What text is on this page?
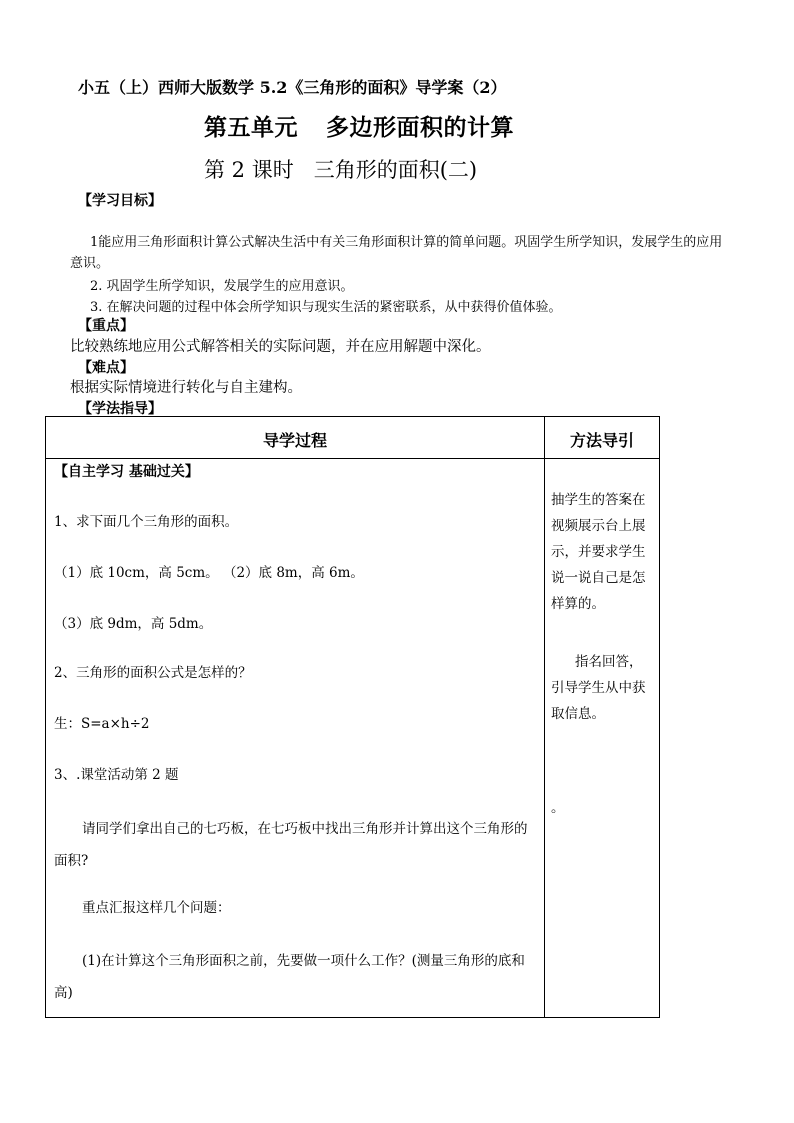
小五（上）西师大版数学 5.2《三角形的面积》导学案（2）
第五单元 多边形面积的计算
第 2 课时 三角形的面积(二)
【学习目标】
1能应用三角形面积计算公式解决生活中有关三角形面积计算的简单问题。巩固学生所学知识，发展学生的应用意识。
2. 巩固学生所学知识，发展学生的应用意识。
3. 在解决问题的过程中体会所学知识与现实生活的紧密联系，从中获得价值体验。
【重点】
比较熟练地应用公式解答相关的实际问题，并在应用解题中深化。
【难点】
根据实际情境进行转化与自主建构。
【学法指导】
导学过程	方法导引
【自主学习 基础过关】
1、求下面几个三角形的面积。
（1）底 10cm，高 5cm。 （2）底 8m，高 6m。
（3）底 9dm，高 5dm。
2、三角形的面积公式是怎样的？
生：S=a×h÷2
3、.课堂活动第 2 题
请同学们拿出自己的七巧板，在七巧板中找出三角形并计算出这个三角形的面积?
重点汇报这样几个问题：
(1)在计算这个三角形面积之前，先要做一项什么工作？(测量三角形的底和高)
抽学生的答案在视频展示台上展示，并要求学生说一说自己是怎样算的。
指名回答，引导学生从中获取信息。
。
